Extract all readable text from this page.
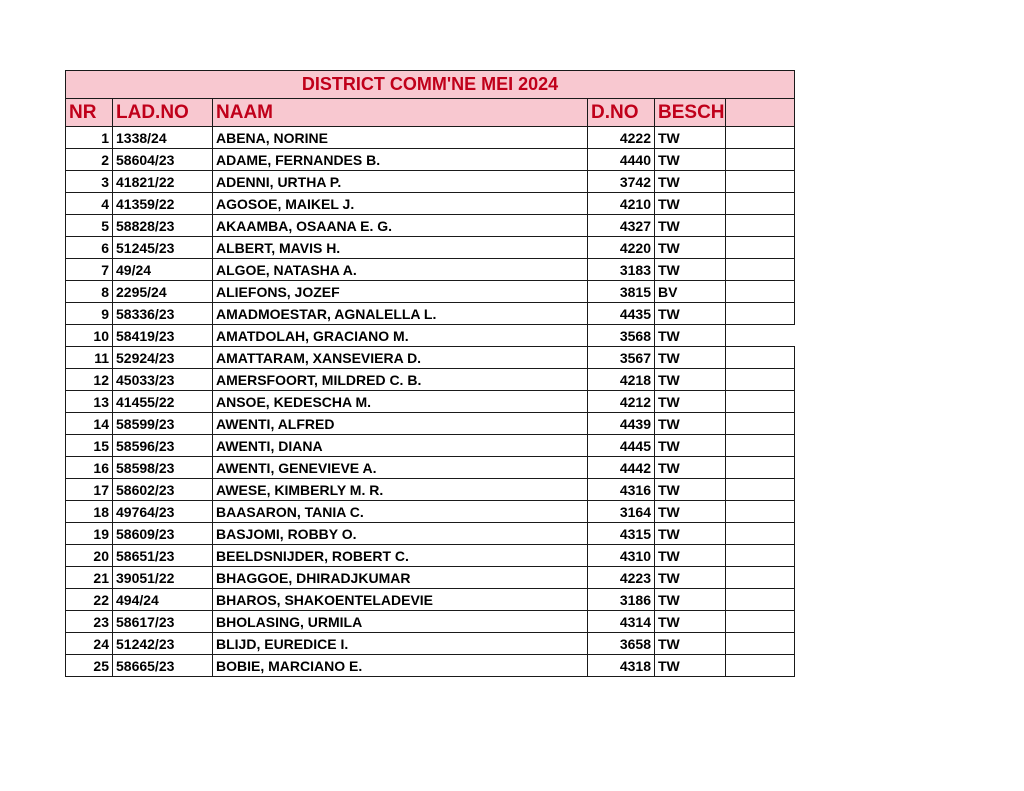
DISTRICT COMM'NE MEI 2024					
NR	LAD.NO	NAAM	D.NO	BESCH	
1	1338/24	ABENA, NORINE	4222	TW	
2	58604/23	ADAME, FERNANDES B.	4440	TW	
3	41821/22	ADENNI, URTHA P.	3742	TW	
4	41359/22	AGOSOE, MAIKEL J.	4210	TW	
5	58828/23	AKAAMBA, OSAANA E. G.	4327	TW	
6	51245/23	ALBERT, MAVIS H.	4220	TW	
7	49/24	ALGOE, NATASHA A.	3183	TW	
8	2295/24	ALIEFONS, JOZEF	3815	BV	
9	58336/23	AMADMOESTAR, AGNALELLA L.	4435	TW	
10	58419/23	AMATDOLAH, GRACIANO M.	3568	TW	
11	52924/23	AMATTARAM, XANSEVIERA D.	3567	TW	
12	45033/23	AMERSFOORT, MILDRED C. B.	4218	TW	
13	41455/22	ANSOE, KEDESCHA M.	4212	TW	
14	58599/23	AWENTI, ALFRED	4439	TW	
15	58596/23	AWENTI, DIANA	4445	TW	
16	58598/23	AWENTI, GENEVIEVE A.	4442	TW	
17	58602/23	AWESE, KIMBERLY M. R.	4316	TW	
18	49764/23	BAASARON, TANIA C.	3164	TW	
19	58609/23	BASJOMI, ROBBY O.	4315	TW	
20	58651/23	BEELDSNIJDER, ROBERT C.	4310	TW	
21	39051/22	BHAGGOE, DHIRADJKUMAR	4223	TW	
22	494/24	BHAROS, SHAKOENTELADEVIE	3186	TW	
23	58617/23	BHOLASING, URMILA	4314	TW	
24	51242/23	BLIJD, EUREDICE I.	3658	TW	
25	58665/23	BOBIE, MARCIANO E.	4318	TW	
